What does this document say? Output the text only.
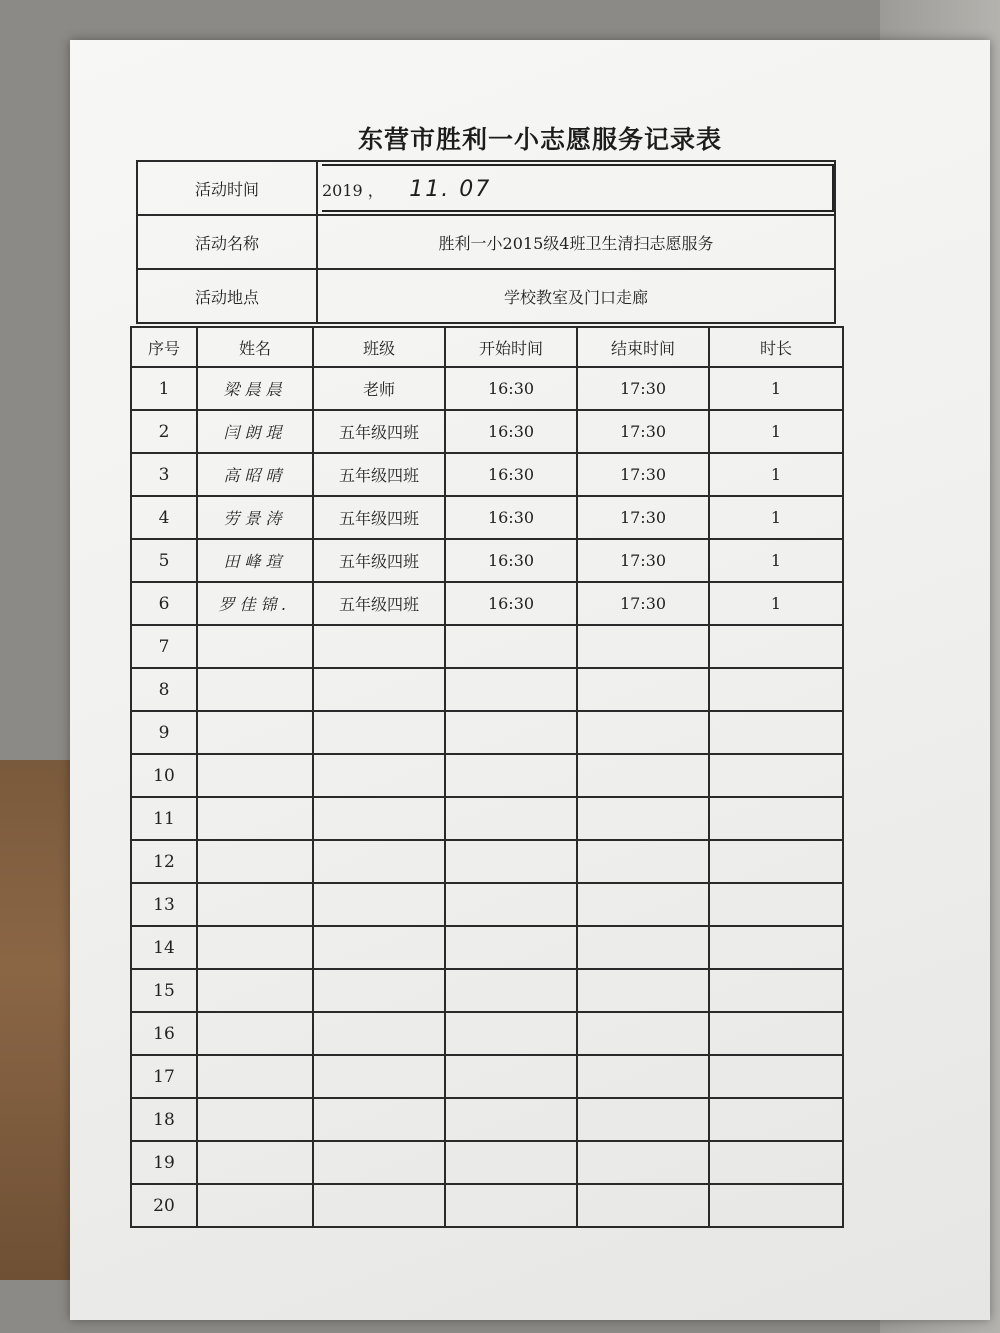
东营市胜利一小志愿服务记录表
活动时间	2019 ， 11. 07
活动名称	胜利一小2015级4班卫生清扫志愿服务
活动地点	学校教室及门口走廊
序号	姓名	班级	开始时间	结束时间	时长
1	梁晨晨	老师	16:30	17:30	1
2	闫朗琨	五年级四班	16:30	17:30	1
3	高昭晴	五年级四班	16:30	17:30	1
4	劳景涛	五年级四班	16:30	17:30	1
5	田峰瑄	五年级四班	16:30	17:30	1
6	罗佳锦.	五年级四班	16:30	17:30	1
7					
8					
9					
10					
11					
12					
13					
14					
15					
16					
17					
18					
19					
20					
